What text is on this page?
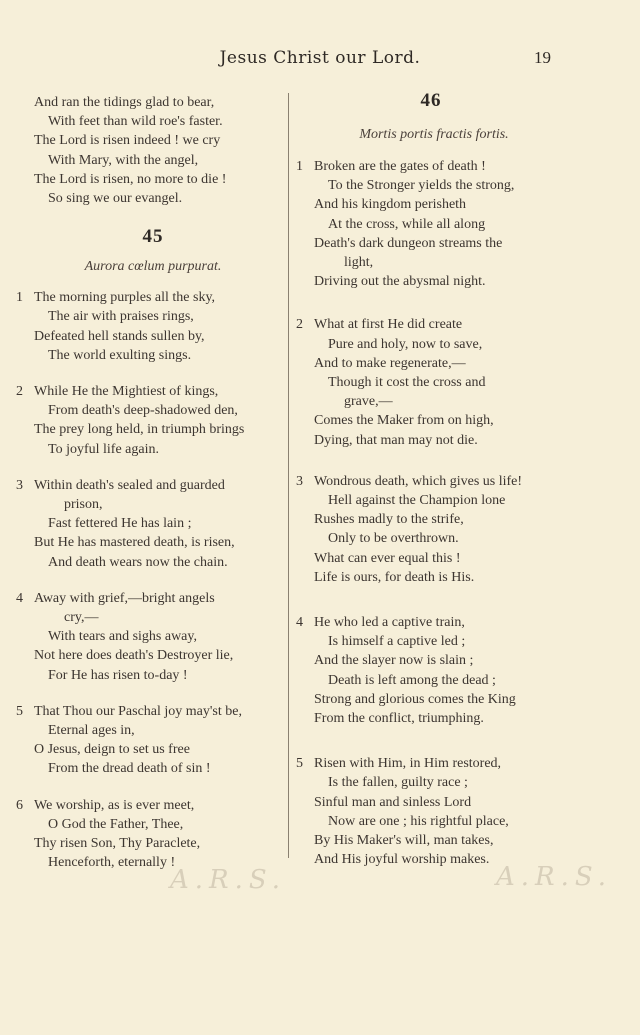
Jesus Christ our Lord.	19
And ran the tidings glad to bear,
With feet than wild roe's faster.
The Lord is risen indeed ! we cry
With Mary, with the angel,
The Lord is risen, no more to die !
So sing we our evangel.
45
Aurora cœlum purpurat.
1 The morning purples all the sky,
The air with praises rings,
Defeated hell stands sullen by,
The world exulting sings.
2 While He the Mightiest of kings,
From death's deep-shadowed den,
The prey long held, in triumph brings
To joyful life again.
3 Within death's sealed and guarded
prison,
Fast fettered He has lain ;
But He has mastered death, is risen,
And death wears now the chain.
4 Away with grief,—bright angels
cry,—
With tears and sighs away,
Not here does death's Destroyer lie,
For He has risen to-day !
5 That Thou our Paschal joy may'st be,
Eternal ages in,
O Jesus, deign to set us free
From the dread death of sin !
6 We worship, as is ever meet,
O God the Father, Thee,
Thy risen Son, Thy Paraclete,
Henceforth, eternally !
46
Mortis portis fractis fortis.
1 Broken are the gates of death !
To the Stronger yields the strong,
And his kingdom perisheth
At the cross, while all along
Death's dark dungeon streams the
light,
Driving out the abysmal night.
2 What at first He did create
Pure and holy, now to save,
And to make regenerate,—
Though it cost the cross and
grave,—
Comes the Maker from on high,
Dying, that man may not die.
3 Wondrous death, which gives us life!
Hell against the Champion lone
Rushes madly to the strife,
Only to be overthrown.
What can ever equal this !
Life is ours, for death is His.
4 He who led a captive train,
Is himself a captive led ;
And the slayer now is slain ;
Death is left among the dead ;
Strong and glorious comes the King
From the conflict, triumphing.
5 Risen with Him, in Him restored,
Is the fallen, guilty race ;
Sinful man and sinless Lord
Now are one ; his rightful place,
By His Maker's will, man takes,
And His joyful worship makes.
A.R.S.	A.R.S.
